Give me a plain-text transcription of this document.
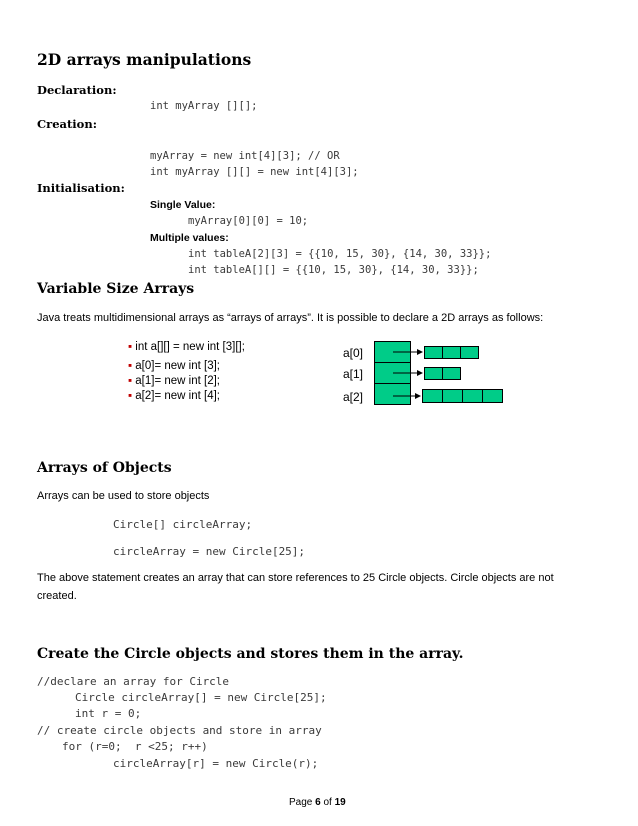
2D arrays manipulations
Declaration:
int myArray [][];
Creation:
myArray = new int[4][3]; // OR
int myArray [][] = new int[4][3];
Initialisation:
Single Value:
myArray[0][0] = 10;
Multiple values:
int tableA[2][3] = {{10, 15, 30}, {14, 30, 33}};
int tableA[][] = {{10, 15, 30}, {14, 30, 33}};
Variable Size Arrays
Java treats multidimensional arrays as “arrays of arrays”. It is possible to declare a 2D arrays as follows:
▪ int a[][] = new int [3][];
▪ a[0]= new int [3];
▪ a[1]= new int [2];
▪ a[2]= new int [4];
a[0]
a[1]
a[2]
Arrays of Objects
Arrays can be used to store objects
Circle[] circleArray;
circleArray = new Circle[25];
The above statement creates an array that can store references to 25 Circle objects. Circle objects are not
created.
Create the Circle objects and stores them in the array.
//declare an array for Circle
Circle circleArray[] = new Circle[25];
int r = 0;
// create circle objects and store in array
for (r=0;  r <25; r++)
circleArray[r] = new Circle(r);
Page 6 of 19
